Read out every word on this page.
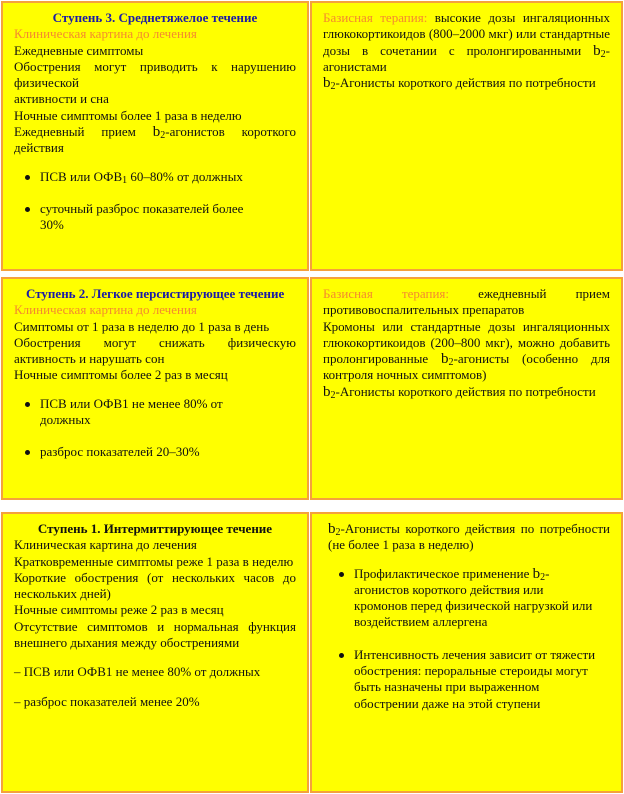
Ступень 3. Среднетяжелое течение

Клиническая картина до лечения

Ежедневные симптомы

Обострения могут приводить к нарушению физической

активности и сна

Ночные симптомы более 1 раза в неделю

Ежедневный прием $b_2$-агонистов короткого действия

ПСВ или $ОФВ_1$ 60–80% от должных
суточный разброс показателей более 30%

Базисная терапия: высокие дозы ингаляционных глюкокортикоидов (800–2000 мкг) или стандартные дозы в сочетании с пролонгированными $b_2$-агонистами

$b_2$-Агонисты короткого действия по потребности

Ступень 2. Легкое персистирующее течение

Клиническая картина до лечения

Симптомы от 1 раза в неделю до 1 раза в день

Обострения могут снижать физическую активность и нарушать сон

Ночные симптомы более 2 раз в месяц

ПСВ или ОФВ1 не менее 80% от должных
разброс показателей 20–30%

Базисная терапия: ежедневный прием противовоспалительных препаратов

Кромоны или стандартные дозы ингаляционных глюкокортикоидов (200–800 мкг), можно добавить пролонгированные $b_2$-агонисты (особенно для контроля ночных симптомов)

$b_2$-Агонисты короткого действия по потребности

Ступень 1. Интермиттирующее течение

Клиническая картина до лечения

Кратковременные симптомы реже 1 раза в неделю

Короткие обострения (от нескольких часов до нескольких дней)

Ночные симптомы реже 2 раз в месяц

Отсутствие симптомов и нормальная функция внешнего дыхания между обострениями

– ПСВ или ОФВ1 не менее 80% от должных

– разброс показателей менее 20%

$b_2$-Агонисты короткого действия по потребности (не более 1 раза в неделю)

Профилактическое применение $b_2$-агонистов короткого действия или кромонов перед физической нагрузкой или воздействием аллергена
Интенсивность лечения зависит от тяжести обострения: пероральные стероиды могут быть назначены при выраженном обострении даже на этой ступени
